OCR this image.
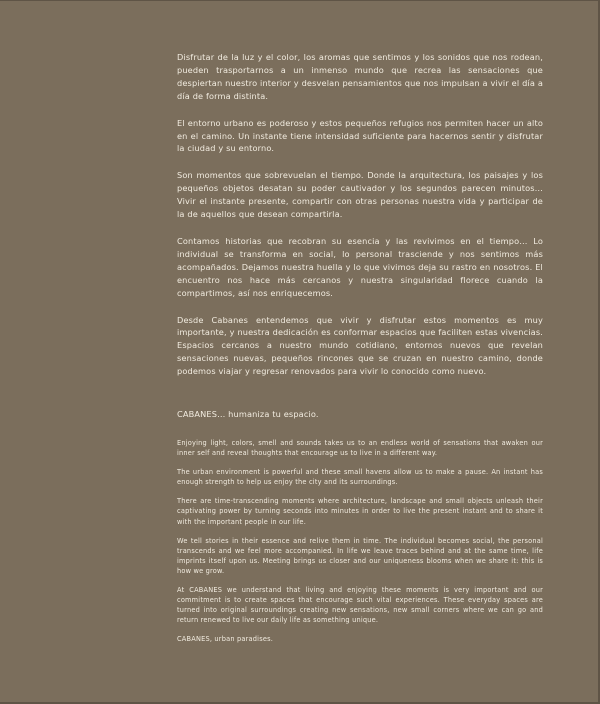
Disfrutar de la luz y el color, los aromas que sentimos y los sonidos que nos rodean, pueden trasportarnos a un inmenso mundo que recrea las sensaciones que despiertan nuestro interior y desvelan pensamientos que nos impulsan a vivir el día a día de forma distinta.

El entorno urbano es poderoso y estos pequeños refugios nos permiten hacer un alto en el camino. Un instante tiene intensidad suficiente para hacernos sentir y disfrutar la ciudad y su entorno.

Son momentos que sobrevuelan el tiempo. Donde la arquitectura, los paisajes y los pequeños objetos desatan su poder cautivador y los segundos parecen minutos… Vivir el instante presente, compartir con otras personas nuestra vida y participar de la de aquellos que desean compartirla.

Contamos historias que recobran su esencia y las revivimos en el tiempo… Lo individual se transforma en social, lo personal trasciende y nos sentimos más acompañados. Dejamos nuestra huella y lo que vivimos deja su rastro en nosotros. El encuentro nos hace más cercanos y nuestra singularidad florece cuando la compartimos, así nos enriquecemos.

Desde Cabanes entendemos que vivir y disfrutar estos momentos es muy importante, y nuestra dedicación es conformar espacios que faciliten estas vivencias. Espacios cercanos a nuestro mundo cotidiano, entornos nuevos que revelan sensaciones nuevas, pequeños rincones que se cruzan en nuestro camino, donde podemos viajar y regresar renovados para vivir lo conocido como nuevo.

CABANES… humaniza tu espacio.

Enjoying light, colors, smell and sounds takes us to an endless world of sensations that awaken our inner self and reveal thoughts that encourage us to live in a different way.

The urban environment is powerful and these small havens allow us to make a pause. An instant has enough strength to help us enjoy the city and its surroundings.

There are time-transcending moments where architecture, landscape and small objects unleash their captivating power by turning seconds into minutes in order to live the present instant and to share it with the important people in our life.

We tell stories in their essence and relive them in time. The individual becomes social, the personal transcends and we feel more accompanied. In life we leave traces behind and at the same time, life imprints itself upon us. Meeting brings us closer and our uniqueness blooms when we share it: this is how we grow.

At CABANES we understand that living and enjoying these moments is very important and our commitment is to create spaces that encourage such vital experiences. These everyday spaces are turned into original surroundings creating new sensations, new small corners where we can go and return renewed to live our daily life as something unique.

CABANES, urban paradises.
